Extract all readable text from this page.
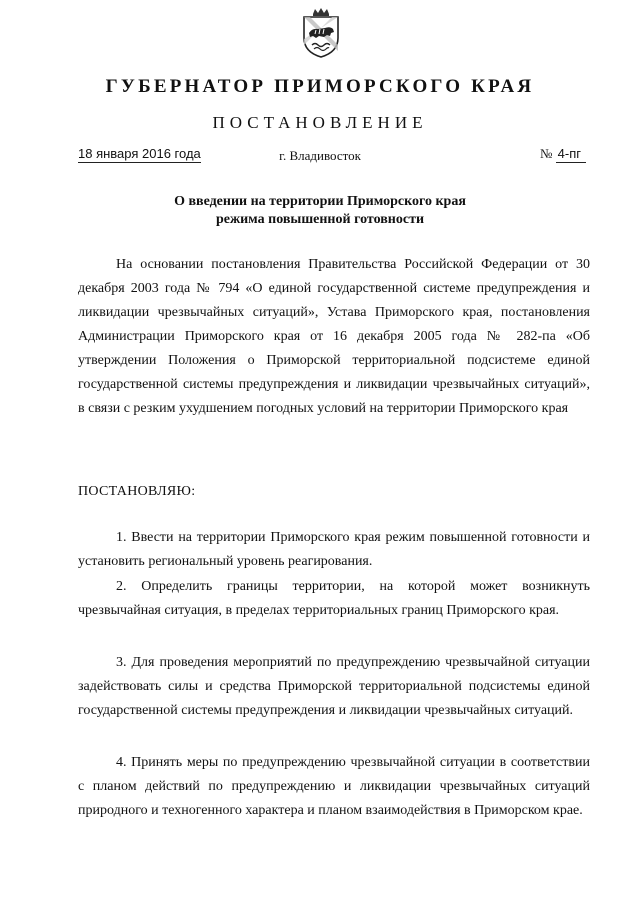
ГУБЕРНАТОР ПРИМОРСКОГО КРАЯ
ПОСТАНОВЛЕНИЕ
18 января 2016 года	г. Владивосток	№ 4-пг
О введении на территории Приморского края
режима повышенной готовности
На основании постановления Правительства Российской Федерации от 30 декабря 2003 года № 794 «О единой государственной системе предупреждения и ликвидации чрезвычайных ситуаций», Устава Приморского края, постановления Администрации Приморского края от 16 декабря 2005 года № 282-па «Об утверждении Положения о Приморской территориальной подсистеме единой государственной системы предупреждения и ликвидации чрезвычайных ситуаций», в связи с резким ухудшением погодных условий на территории Приморского края
ПОСТАНОВЛЯЮ:
1. Ввести на территории Приморского края режим повышенной готовности и установить региональный уровень реагирования.
2. Определить границы территории, на которой может возникнуть чрезвычайная ситуация, в пределах территориальных границ Приморского края.
3. Для проведения мероприятий по предупреждению чрезвычайной ситуации задействовать силы и средства Приморской территориальной подсистемы единой государственной системы предупреждения и ликвидации чрезвычайных ситуаций.
4. Принять меры по предупреждению чрезвычайной ситуации в соответствии с планом действий по предупреждению и ликвидации чрезвычайных ситуаций природного и техногенного характера и планом взаимодействия в Приморском крае.
